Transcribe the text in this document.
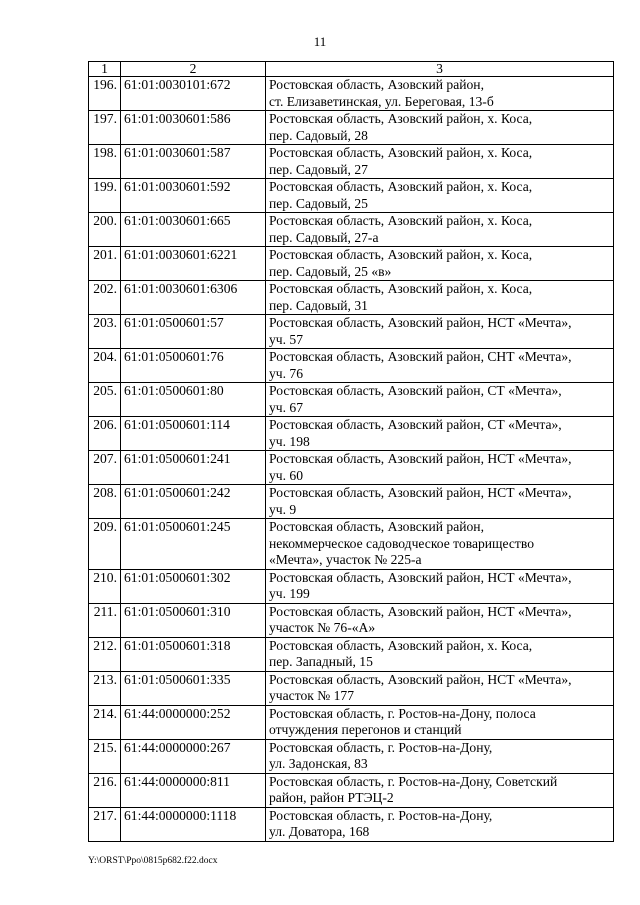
11
1	2	3
196.	61:01:0030101:672	Ростовская область, Азовский район,
ст. Елизаветинская, ул. Береговая, 13-б

197.	61:01:0030601:586	Ростовская область, Азовский район, х. Коса,
пер. Садовый, 28

198.	61:01:0030601:587	Ростовская область, Азовский район, х. Коса,
пер. Садовый, 27

199.	61:01:0030601:592	Ростовская область, Азовский район, х. Коса,
пер. Садовый, 25

200.	61:01:0030601:665	Ростовская область, Азовский район, х. Коса,
пер. Садовый, 27-а

201.	61:01:0030601:6221	Ростовская область, Азовский район, х. Коса,
пер. Садовый, 25 «в»

202.	61:01:0030601:6306	Ростовская область, Азовский район, х. Коса,
пер. Садовый, 31

203.	61:01:0500601:57	Ростовская область, Азовский район, НСТ «Мечта»,
уч. 57

204.	61:01:0500601:76	Ростовская область, Азовский район, СНТ «Мечта»,
уч. 76

205.	61:01:0500601:80	Ростовская область, Азовский район, СТ «Мечта»,
уч. 67

206.	61:01:0500601:114	Ростовская область, Азовский район, СТ «Мечта»,
уч. 198

207.	61:01:0500601:241	Ростовская область, Азовский район, НСТ «Мечта»,
уч. 60

208.	61:01:0500601:242	Ростовская область, Азовский район, НСТ «Мечта»,
уч. 9

209.	61:01:0500601:245	Ростовская область, Азовский район,
некоммерческое садоводческое товарищество
«Мечта», участок № 225-а

210.	61:01:0500601:302	Ростовская область, Азовский район, НСТ «Мечта»,
уч. 199

211.	61:01:0500601:310	Ростовская область, Азовский район, НСТ «Мечта»,
участок № 76-«А»

212.	61:01:0500601:318	Ростовская область, Азовский район, х. Коса,
пер. Западный, 15

213.	61:01:0500601:335	Ростовская область, Азовский район, НСТ «Мечта»,
участок № 177

214.	61:44:0000000:252	Ростовская область, г. Ростов-на-Дону, полоса
отчуждения перегонов и станций

215.	61:44:0000000:267	Ростовская область, г. Ростов-на-Дону,
ул. Задонская, 83

216.	61:44:0000000:811	Ростовская область, г. Ростов-на-Дону, Советский
район, район РТЭЦ-2

217.	61:44:0000000:1118	Ростовская область, г. Ростов-на-Дону,
ул. Доватора, 168
Y:\ORST\Ppo\0815p682.f22.docx
